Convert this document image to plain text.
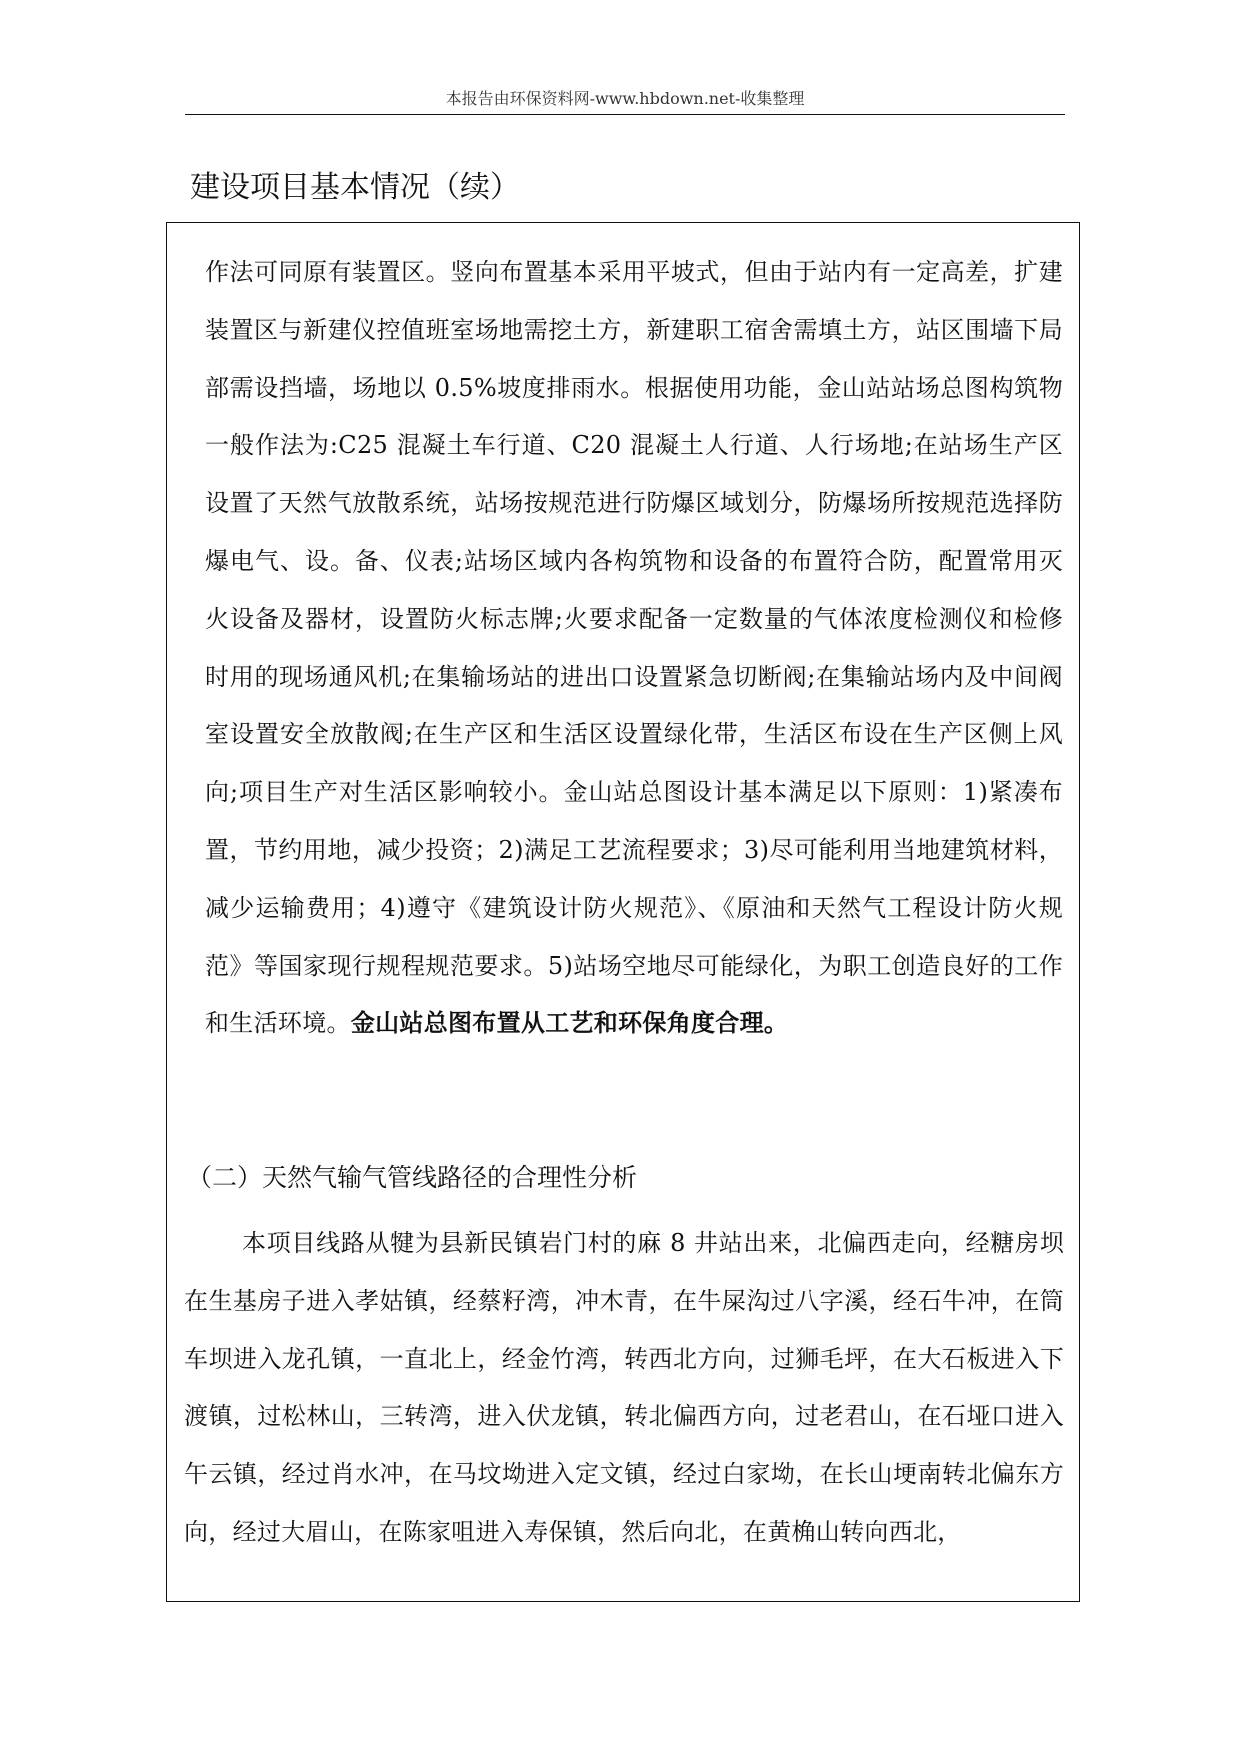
本报告由环保资料网-www.hbdown.net-收集整理
建设项目基本情况（续）

作法可同原有装置区。竖向布置基本采用平坡式，但由于站内有一定高差，扩建装置区与新建仪控值班室场地需挖土方，新建职工宿舍需填土方，站区围墙下局部需设挡墙，场地以 0.5%坡度排雨水。根据使用功能，金山站站场总图构筑物一般作法为:C25 混凝土车行道、C20 混凝土人行道、人行场地;在站场生产区设置了天然气放散系统，站场按规范进行防爆区域划分，防爆场所按规范选择防爆电气、设。备、仪表;站场区域内各构筑物和设备的布置符合防，配置常用灭火设备及器材，设置防火标志牌;火要求配备一定数量的气体浓度检测仪和检修时用的现场通风机;在集输场站的进出口设置紧急切断阀;在集输站场内及中间阀室设置安全放散阀;在生产区和生活区设置绿化带，生活区布设在生产区侧上风向;项目生产对生活区影响较小。金山站总图设计基本满足以下原则：1)紧凑布置，节约用地，减少投资；2)满足工艺流程要求；3)尽可能利用当地建筑材料，减少运输费用；4)遵守《建筑设计防火规范》、《原油和天然气工程设计防火规范》等国家现行规程规范要求。5)站场空地尽可能绿化，为职工创造良好的工作和生活环境。金山站总图布置从工艺和环保角度合理。

（二）天然气输气管线路径的合理性分析

本项目线路从犍为县新民镇岩门村的麻 8 井站出来，北偏西走向，经糖房坝在生基房子进入孝姑镇，经蔡籽湾，冲木青，在牛屎沟过八字溪，经石牛冲，在筒车坝进入龙孔镇，一直北上，经金竹湾，转西北方向，过狮毛坪，在大石板进入下渡镇，过松林山，三转湾，进入伏龙镇，转北偏西方向，过老君山，在石垭口进入午云镇，经过肖水冲，在马坟坳进入定文镇，经过白家坳，在长山埂南转北偏东方向，经过大眉山，在陈家咀进入寿保镇，然后向北，在黄桷山转向西北，
